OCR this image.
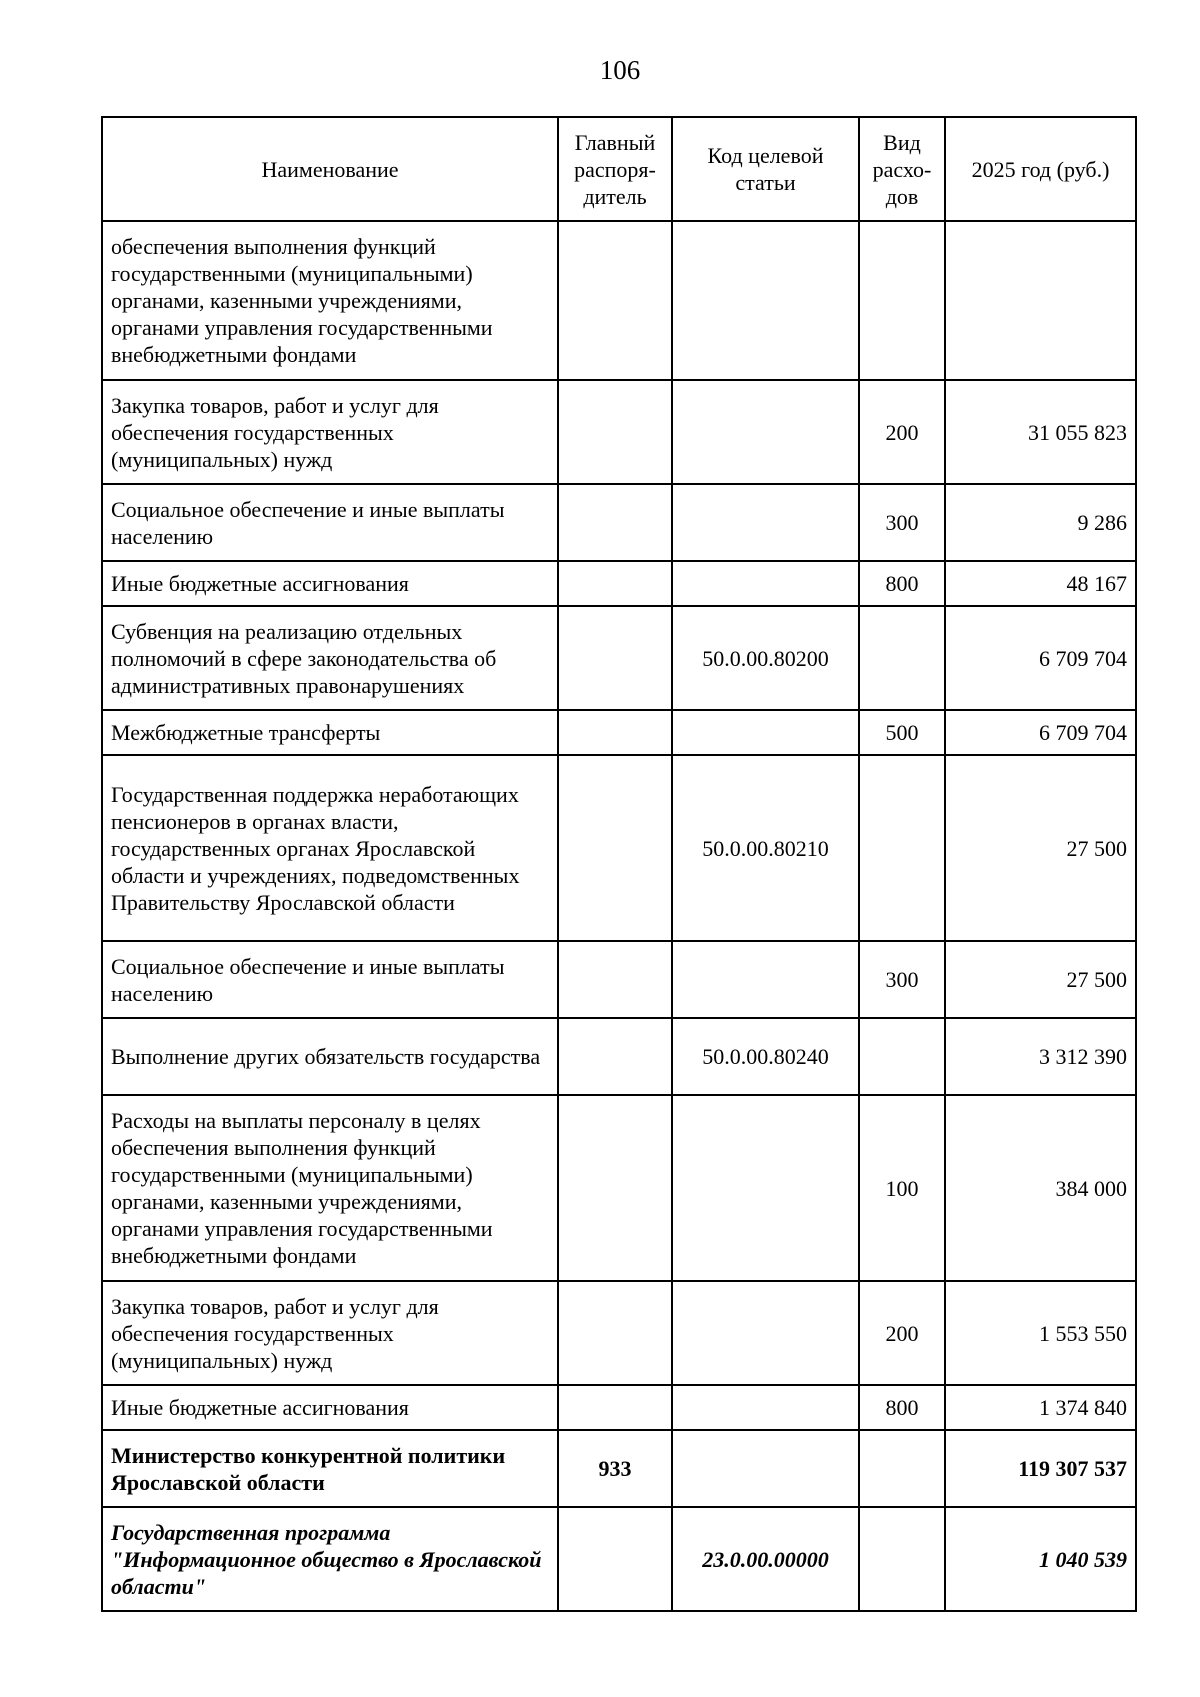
106
Наименование	Главный распоря-дитель	Код целевой статьи	Вид расхо-дов	2025 год (руб.)
обеспечения выполнения функций государственными (муниципальными) органами, казенными учреждениями, органами управления государственными внебюджетными фондами				
Закупка товаров, работ и услуг для обеспечения государственных (муниципальных) нужд			200	31 055 823
Социальное обеспечение и иные выплаты населению			300	9 286
Иные бюджетные ассигнования			800	48 167
Субвенция на реализацию отдельных полномочий в сфере законодательства об административных правонарушениях		50.0.00.80200		6 709 704
Межбюджетные трансферты			500	6 709 704
Государственная поддержка неработающих пенсионеров в органах власти, государственных органах Ярославской области и учреждениях, подведомственных Правительству Ярославской области		50.0.00.80210		27 500
Социальное обеспечение и иные выплаты населению			300	27 500
Выполнение других обязательств государства		50.0.00.80240		3 312 390
Расходы на выплаты персоналу в целях обеспечения выполнения функций государственными (муниципальными) органами, казенными учреждениями, органами управления государственными внебюджетными фондами			100	384 000
Закупка товаров, работ и услуг для обеспечения государственных (муниципальных) нужд			200	1 553 550
Иные бюджетные ассигнования			800	1 374 840
Министерство конкурентной политики Ярославской области	933			119 307 537
Государственная программа "Информационное общество в Ярославской области"		23.0.00.00000		1 040 539
